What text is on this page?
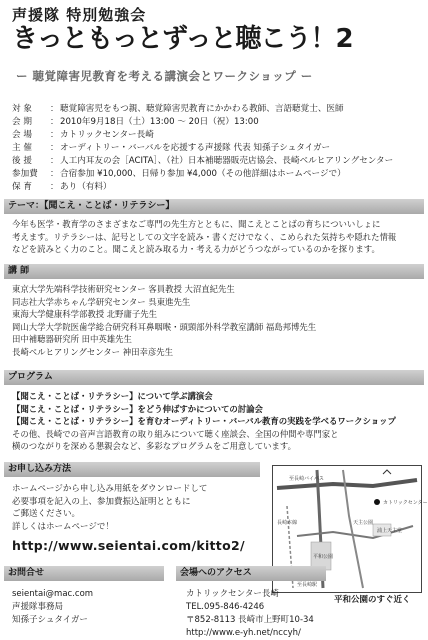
声援隊 特別勉強会
きっともっとずっと聴こう！2
ー 聴覚障害児教育を考える講演会とワークショップ ー
対 象	： 聴覚障害児をもつ親、聴覚障害児教育にかかわる教師、言語聴覚士、医師
会 期	： 2010年9月18日（土）13:00 ～ 20日（祝）13:00
会 場	： カトリックセンター長崎
主 催	： オーディトリー・バーバルを応援する声援隊 代表 知孫子シュタイガー
後 援	： 人工内耳友の会［ACITA］、（社）日本補聴器販売店協会、長崎ベルヒアリングセンター
参加費	： 合宿参加 ¥10,000、日帰り参加 ¥4,000（その他詳細はホームページで）
保 育	： あり（有料）
テーマ：【聞こえ・ことば・リテラシー】
今年も医学・教育学のさまざまなご専門の先生方とともに、聞こえとことばの育ちについいしょに
考えます。リテラシーは、記号としての文字を読み・書くだけでなく、こめられた気持ちや隠れた情報
などを読みとく力のこと。聞こえと読み取る力・考える力がどうつながっているのかを探ります。
講 師
東京大学先端科学技術研究センター 客員教授 大沼直紀先生
同志社大学赤ちゃん学研究センター 呉東進先生
東海大学健康科学部教授 北野庸子先生
岡山大学大学院医歯学総合研究科耳鼻咽喉・頭頸部外科学教室講師 福島邦博先生
田中補聴器研究所 田中英雄先生
長崎ベルヒアリングセンター 神田幸彦先生
プログラム
【聞こえ・ことば・リテラシー】について学ぶ講演会
【聞こえ・ことば・リテラシー】をどう伸ばすかについての討論会
【聞こえ・ことば・リテラシー】を育むオーディトリー・バーバル教育の実践を学べるワークショップ
その他、長崎での音声言語教育の取り組みについて聴く座談会、全国の仲間や専門家と
横のつながりを深める懇親会など、多彩なプログラムをご用意しています。
お申し込み方法
ホームページから申し込み用紙をダウンロードして
必要事項を記入の上、参加費振込証明とともに
ご郵送ください。
詳しくはホームページで！
http://www.seientai.com/kitto2/
至長崎バイパス
カトリックセンター
天主公園
浦上天主堂
平和公園
長崎本線
至長崎駅
平和公園のすぐ近く
お問合せ	会場へのアクセス
seientai@mac.com
声援隊事務局
知孫子シュタイガー
カトリックセンター長崎
TEL.095-846-4246
〒852-8113 長崎市上野町10-34
http://www.e-yh.net/nccyh/
